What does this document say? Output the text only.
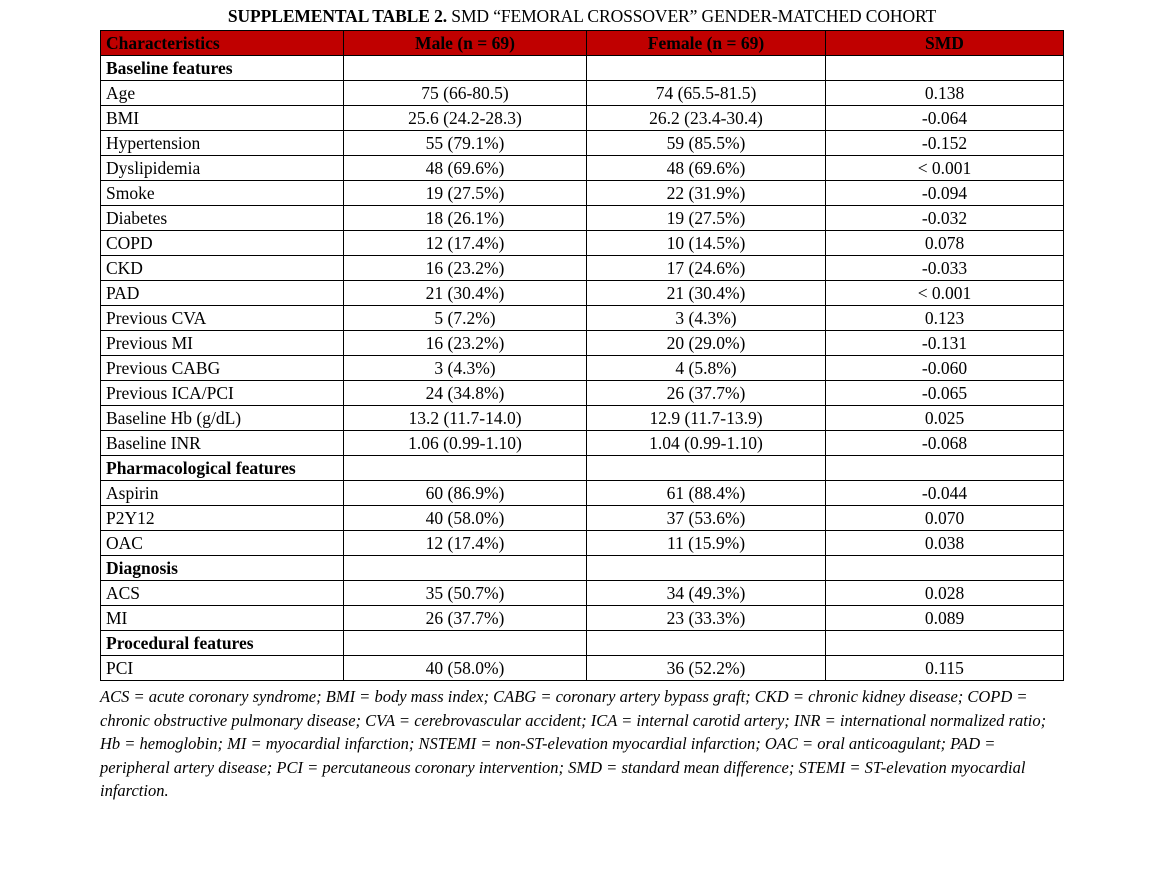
SUPPLEMENTAL TABLE 2. SMD “FEMORAL CROSSOVER” GENDER-MATCHED COHORT
Characteristics	Male (n = 69)	Female (n = 69)	SMD
Baseline features			
Age	75 (66-80.5)	74 (65.5-81.5)	0.138
BMI	25.6 (24.2-28.3)	26.2 (23.4-30.4)	-0.064
Hypertension	55 (79.1%)	59 (85.5%)	-0.152
Dyslipidemia	48 (69.6%)	48 (69.6%)	< 0.001
Smoke	19 (27.5%)	22 (31.9%)	-0.094
Diabetes	18 (26.1%)	19 (27.5%)	-0.032
COPD	12 (17.4%)	10 (14.5%)	0.078
CKD	16 (23.2%)	17 (24.6%)	-0.033
PAD	21 (30.4%)	21 (30.4%)	< 0.001
Previous CVA	5 (7.2%)	3 (4.3%)	0.123
Previous MI	16 (23.2%)	20 (29.0%)	-0.131
Previous CABG	3 (4.3%)	4 (5.8%)	-0.060
Previous ICA/PCI	24 (34.8%)	26 (37.7%)	-0.065
Baseline Hb (g/dL)	13.2 (11.7-14.0)	12.9 (11.7-13.9)	0.025
Baseline INR	1.06 (0.99-1.10)	1.04 (0.99-1.10)	-0.068
Pharmacological features			
Aspirin	60 (86.9%)	61 (88.4%)	-0.044
P2Y12	40 (58.0%)	37 (53.6%)	0.070
OAC	12 (17.4%)	11 (15.9%)	0.038
Diagnosis			
ACS	35 (50.7%)	34 (49.3%)	0.028
MI	26 (37.7%)	23 (33.3%)	0.089
Procedural features			
PCI	40 (58.0%)	36 (52.2%)	0.115
ACS = acute coronary syndrome; BMI = body mass index; CABG = coronary artery bypass graft; CKD = chronic kidney disease; COPD = chronic obstructive pulmonary disease; CVA = cerebrovascular accident; ICA = internal carotid artery; INR = international normalized ratio; Hb = hemoglobin; MI = myocardial infarction; NSTEMI = non-ST-elevation myocardial infarction; OAC = oral anticoagulant; PAD = peripheral artery disease; PCI = percutaneous coronary intervention; SMD = standard mean difference; STEMI = ST-elevation myocardial infarction.
